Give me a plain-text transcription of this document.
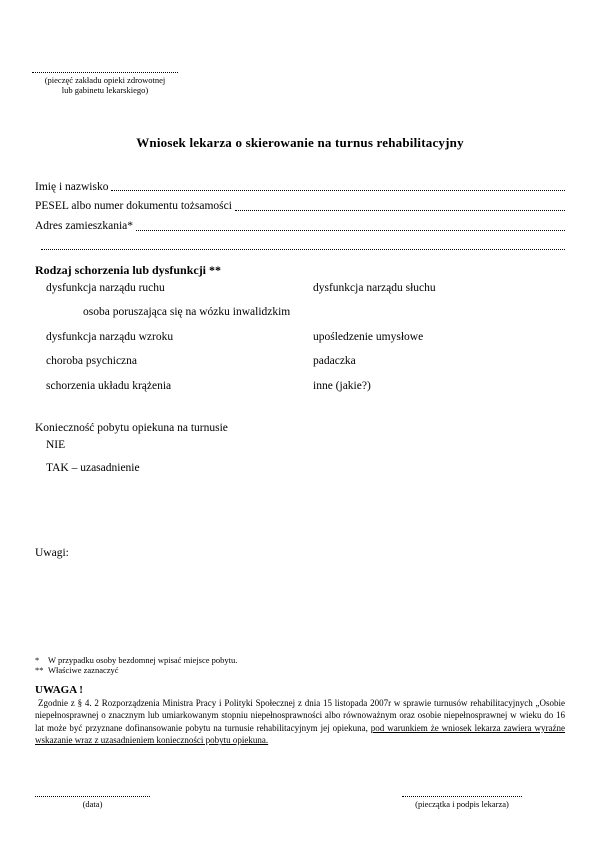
(pieczęć zakładu opieki zdrowotnej
lub gabinetu lekarskiego)
Wniosek lekarza o skierowanie na turnus rehabilitacyjny
Imię i nazwisko
PESEL albo numer dokumentu tożsamości
Adres zamieszkania*
Rodzaj schorzenia lub dysfunkcji **
dysfunkcja narządu ruchu	dysfunkcja narządu słuchu
osoba poruszająca się na wózku inwalidzkim
dysfunkcja narządu wzroku	upośledzenie umysłowe
choroba psychiczna	padaczka
schorzenia układu krążenia	inne (jakie?)
Konieczność pobytu opiekuna na turnusie
NIE
TAK – uzasadnienie
Uwagi:
*	W przypadku osoby bezdomnej wpisać miejsce pobytu.
** Właściwe zaznaczyć
UWAGA !
Zgodnie z § 4. 2 Rozporządzenia Ministra Pracy i Polityki Społecznej z dnia 15 listopada 2007r w sprawie turnusów rehabilitacyjnych „Osobie niepełnosprawnej o znacznym lub umiarkowanym stopniu niepełnosprawności albo równoważnym oraz osobie niepełnosprawnej w wieku do 16 lat może być przyznane dofinansowanie pobytu na turnusie rehabilitacyjnym jej opiekuna, pod warunkiem że wniosek lekarza zawiera wyraźne wskazanie wraz z uzasadnieniem konieczności pobytu opiekuna.
(data)	(pieczątka i podpis lekarza)
